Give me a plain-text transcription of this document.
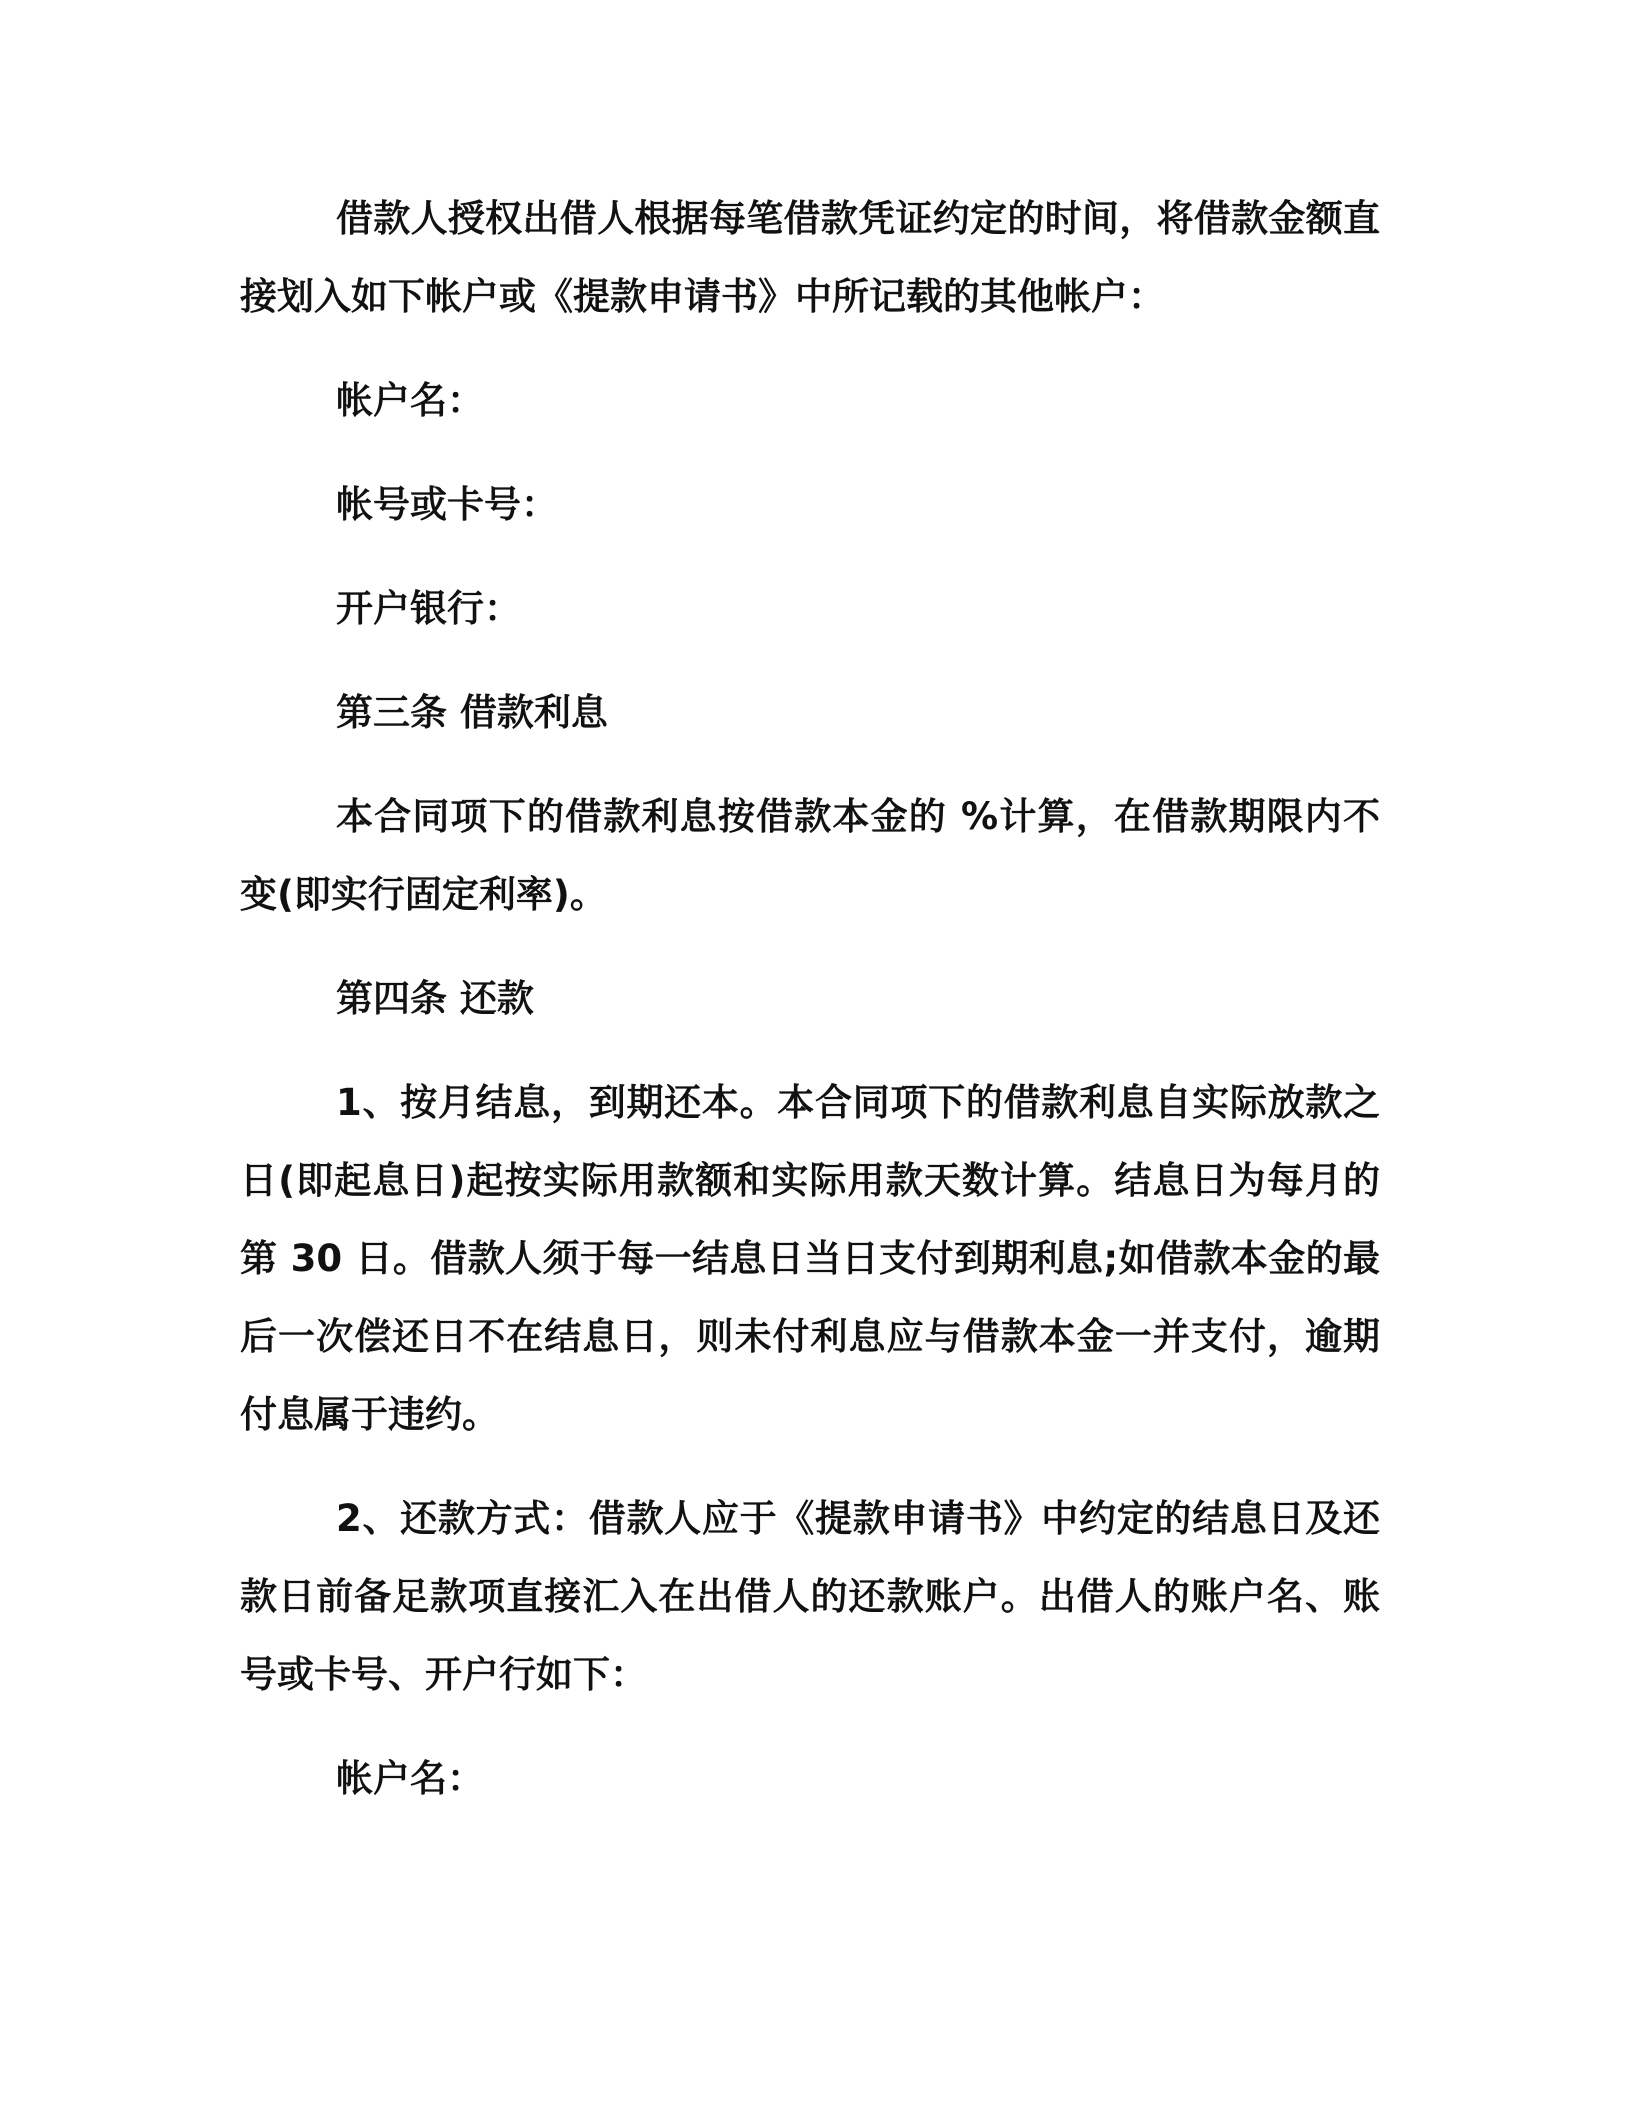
借款人授权出借人根据每笔借款凭证约定的时间，将借款金额直接划入如下帐户或《提款申请书》中所记载的其他帐户：

帐户名：

帐号或卡号：

开户银行：

第三条 借款利息

本合同项下的借款利息按借款本金的 %计算，在借款期限内不变(即实行固定利率)。

第四条 还款

1、按月结息，到期还本。本合同项下的借款利息自实际放款之日(即起息日)起按实际用款额和实际用款天数计算。结息日为每月的第 30 日。借款人须于每一结息日当日支付到期利息;如借款本金的最后一次偿还日不在结息日，则未付利息应与借款本金一并支付，逾期付息属于违约。

2、还款方式：借款人应于《提款申请书》中约定的结息日及还款日前备足款项直接汇入在出借人的还款账户。出借人的账户名、账号或卡号、开户行如下：

帐户名：
